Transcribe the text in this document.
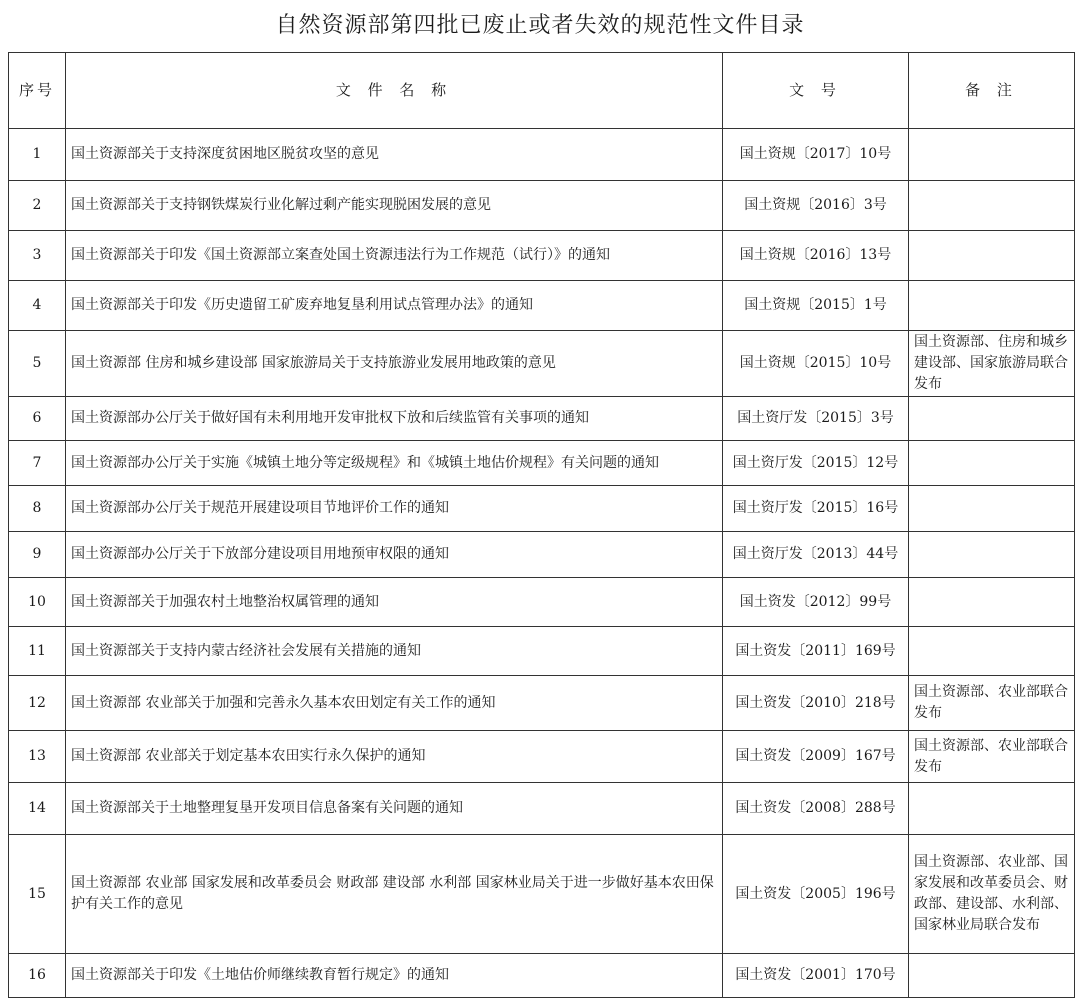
自然资源部第四批已废止或者失效的规范性文件目录
序号	文 件 名 称	文 号	备 注
1	国土资源部关于支持深度贫困地区脱贫攻坚的意见	国土资规〔2017〕10号	
2	国土资源部关于支持钢铁煤炭行业化解过剩产能实现脱困发展的意见	国土资规〔2016〕3号	
3	国土资源部关于印发《国土资源部立案查处国土资源违法行为工作规范（试行）》的通知	国土资规〔2016〕13号	
4	国土资源部关于印发《历史遗留工矿废弃地复垦利用试点管理办法》的通知	国土资规〔2015〕1号	
5	国土资源部 住房和城乡建设部 国家旅游局关于支持旅游业发展用地政策的意见	国土资规〔2015〕10号	国土资源部、住房和城乡建设部、国家旅游局联合发布
6	国土资源部办公厅关于做好国有未利用地开发审批权下放和后续监管有关事项的通知	国土资厅发〔2015〕3号	
7	国土资源部办公厅关于实施《城镇土地分等定级规程》和《城镇土地估价规程》有关问题的通知	国土资厅发〔2015〕12号	
8	国土资源部办公厅关于规范开展建设项目节地评价工作的通知	国土资厅发〔2015〕16号	
9	国土资源部办公厅关于下放部分建设项目用地预审权限的通知	国土资厅发〔2013〕44号	
10	国土资源部关于加强农村土地整治权属管理的通知	国土资发〔2012〕99号	
11	国土资源部关于支持内蒙古经济社会发展有关措施的通知	国土资发〔2011〕169号	
12	国土资源部 农业部关于加强和完善永久基本农田划定有关工作的通知	国土资发〔2010〕218号	国土资源部、农业部联合发布
13	国土资源部 农业部关于划定基本农田实行永久保护的通知	国土资发〔2009〕167号	国土资源部、农业部联合发布
14	国土资源部关于土地整理复垦开发项目信息备案有关问题的通知	国土资发〔2008〕288号	
15	国土资源部 农业部 国家发展和改革委员会 财政部 建设部 水利部 国家林业局关于进一步做好基本农田保护有关工作的意见	国土资发〔2005〕196号	国土资源部、农业部、国家发展和改革委员会、财政部、建设部、水利部、国家林业局联合发布
16	国土资源部关于印发《土地估价师继续教育暂行规定》的通知	国土资发〔2001〕170号	
